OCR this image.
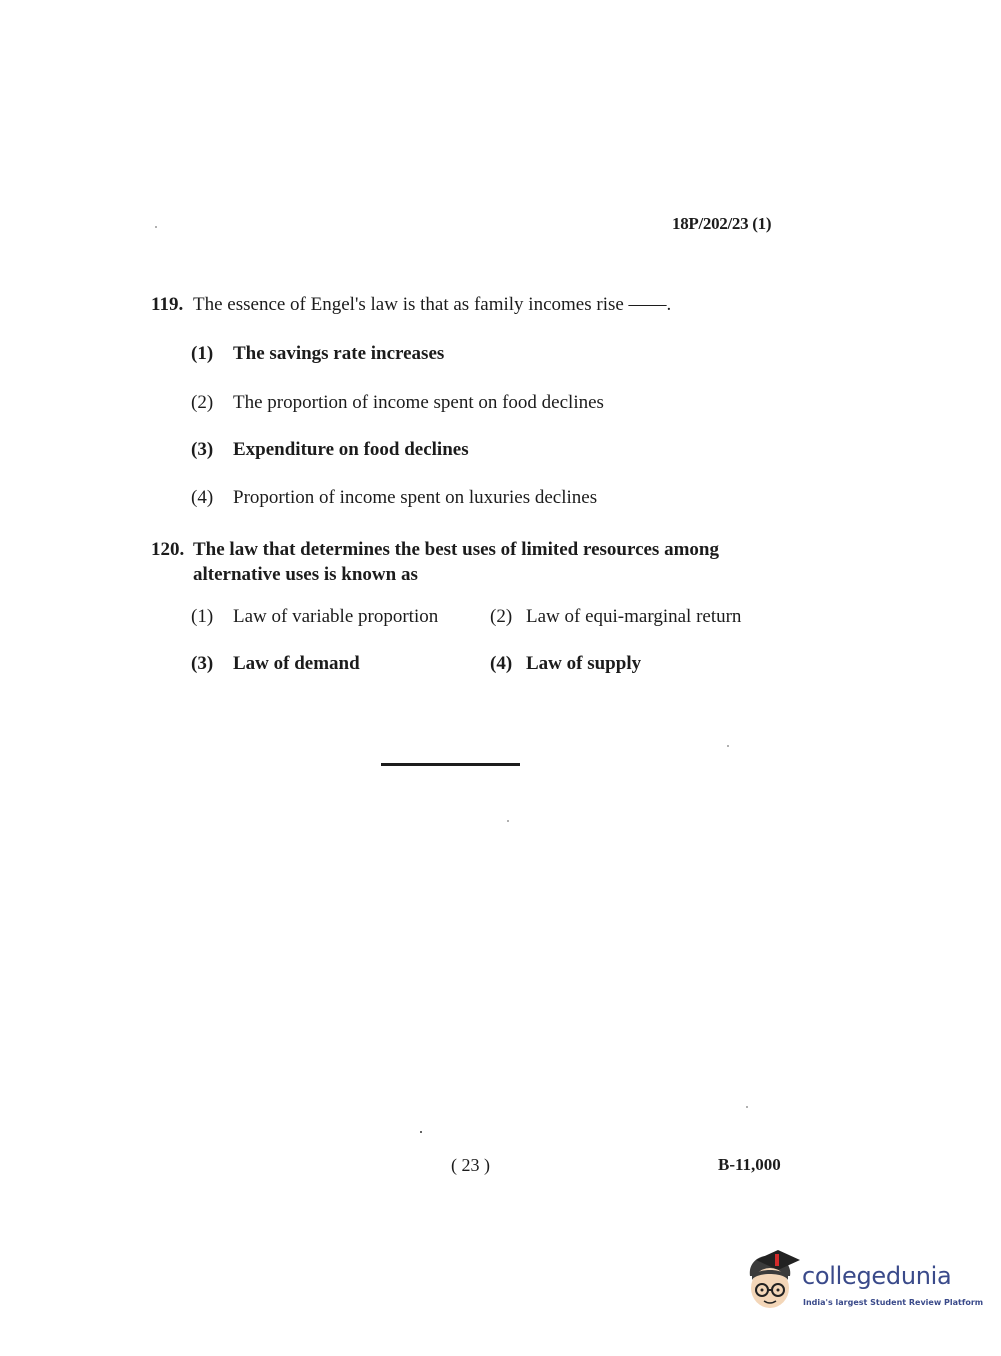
18P/202/23 (1)
119. The essence of Engel's law is that as family incomes rise ——.
(1) The savings rate increases
(2) The proportion of income spent on food declines
(3) Expenditure on food declines
(4) Proportion of income spent on luxuries declines
120. The law that determines the best uses of limited resources among alternative uses is known as
(1) Law of variable proportion	(2) Law of equi-marginal return
(3) Law of demand	(4) Law of supply
( 23 )	B-11,000
collegedunia
India's largest Student Review Platform
